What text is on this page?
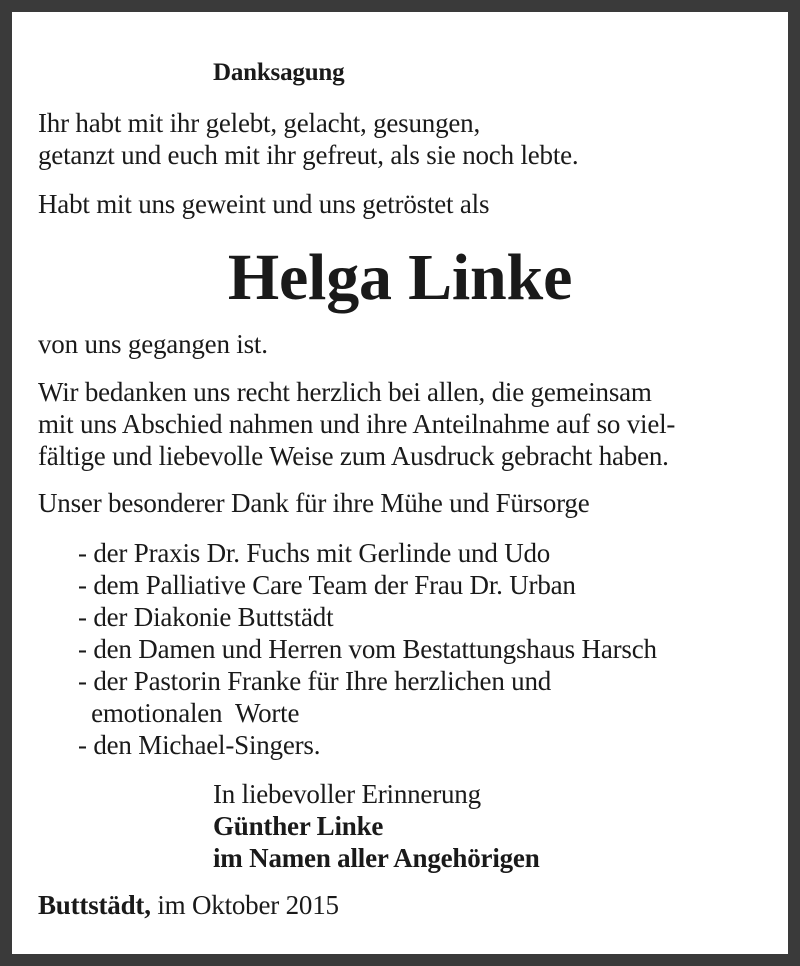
Danksagung
Ihr habt mit ihr gelebt, gelacht, gesungen,
getanzt und euch mit ihr gefreut, als sie noch lebte.
Habt mit uns geweint und uns getröstet als
Helga Linke
von uns gegangen ist.
Wir bedanken uns recht herzlich bei allen, die gemeinsam
mit uns Abschied nahmen und ihre Anteilnahme auf so viel-
fältige und liebevolle Weise zum Ausdruck gebracht haben.
Unser besonderer Dank für ihre Mühe und Fürsorge
- der Praxis Dr. Fuchs mit Gerlinde und Udo
- dem Palliative Care Team der Frau Dr. Urban
- der Diakonie Buttstädt
- den Damen und Herren vom Bestattungshaus Harsch
- der Pastorin Franke für Ihre herzlichen und
emotionalen  Worte
- den Michael-Singers.
In liebevoller Erinnerung
Günther Linke
im Namen aller Angehörigen
Buttstädt, im Oktober 2015
